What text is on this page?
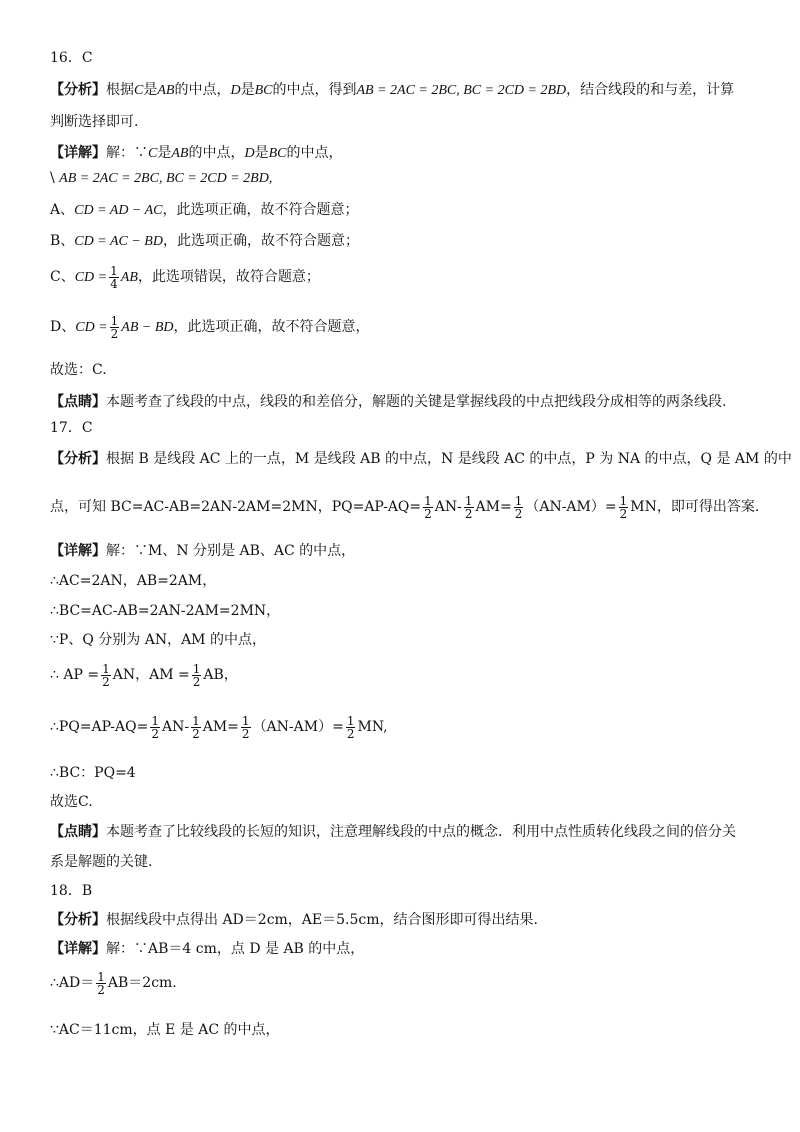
16．C
【分析】根据C是AB的中点，D是BC的中点，得到AB = 2AC = 2BC, BC = 2CD = 2BD，结合线段的和与差，计算
判断选择即可.
【详解】解：∵C是AB的中点，D是BC的中点，
\ AB = 2AC = 2BC, BC = 2CD = 2BD,
A、CD = AD − AC，此选项正确，故不符合题意；
B、CD = AC − BD，此选项正确，故不符合题意；
C、CD = $\frac{1}{4}$ AB，此选项错误，故符合题意；
D、CD = $\frac{1}{2}$ AB − BD，此选项正确，故不符合题意，
故选：C.
【点睛】本题考查了线段的中点，线段的和差倍分，解题的关键是掌握线段的中点把线段分成相等的两条线段.
17．C
【分析】根据 B 是线段 AC 上的一点，M 是线段 AB 的中点，N 是线段 AC 的中点，P 为 NA 的中点，Q 是 AM 的中
点，可知 BC=AC-AB=2AN-2AM=2MN，$PQ=AP-AQ= \frac{1}{2} AN- \frac{1}{2} AM= \frac{1}{2} (AN-AM)= \frac{1}{2}$ MN，即可得出答案.
【详解】解：∵M、N 分别是 AB、AC 的中点，
∴AC=2AN，AB=2AM，
∴BC=AC-AB=2AN-2AM=2MN，
∵P、Q 分别为 AN，AM 的中点，
∴ AP = $\frac{1}{2}$ AN，AM = $\frac{1}{2}$ AB，
∴PQ=AP-AQ= $\frac{1}{2} AN- \frac{1}{2} AM= \frac{1}{2} (AN-AM)= \frac{1}{2}$ MN,
∴BC：PQ=4
故选C.
【点睛】本题考查了比较线段的长短的知识，注意理解线段的中点的概念．利用中点性质转化线段之间的倍分关
系是解题的关键.
18．B
【分析】根据线段中点得出 AD＝2cm，AE＝5.5cm，结合图形即可得出结果.
【详解】解：∵AB＝4 cm，点 D 是 AB 的中点，
∴AD＝ $\frac{1}{2} AB=2cm$.
∵AC＝11cm，点 E 是 AC 的中点，
